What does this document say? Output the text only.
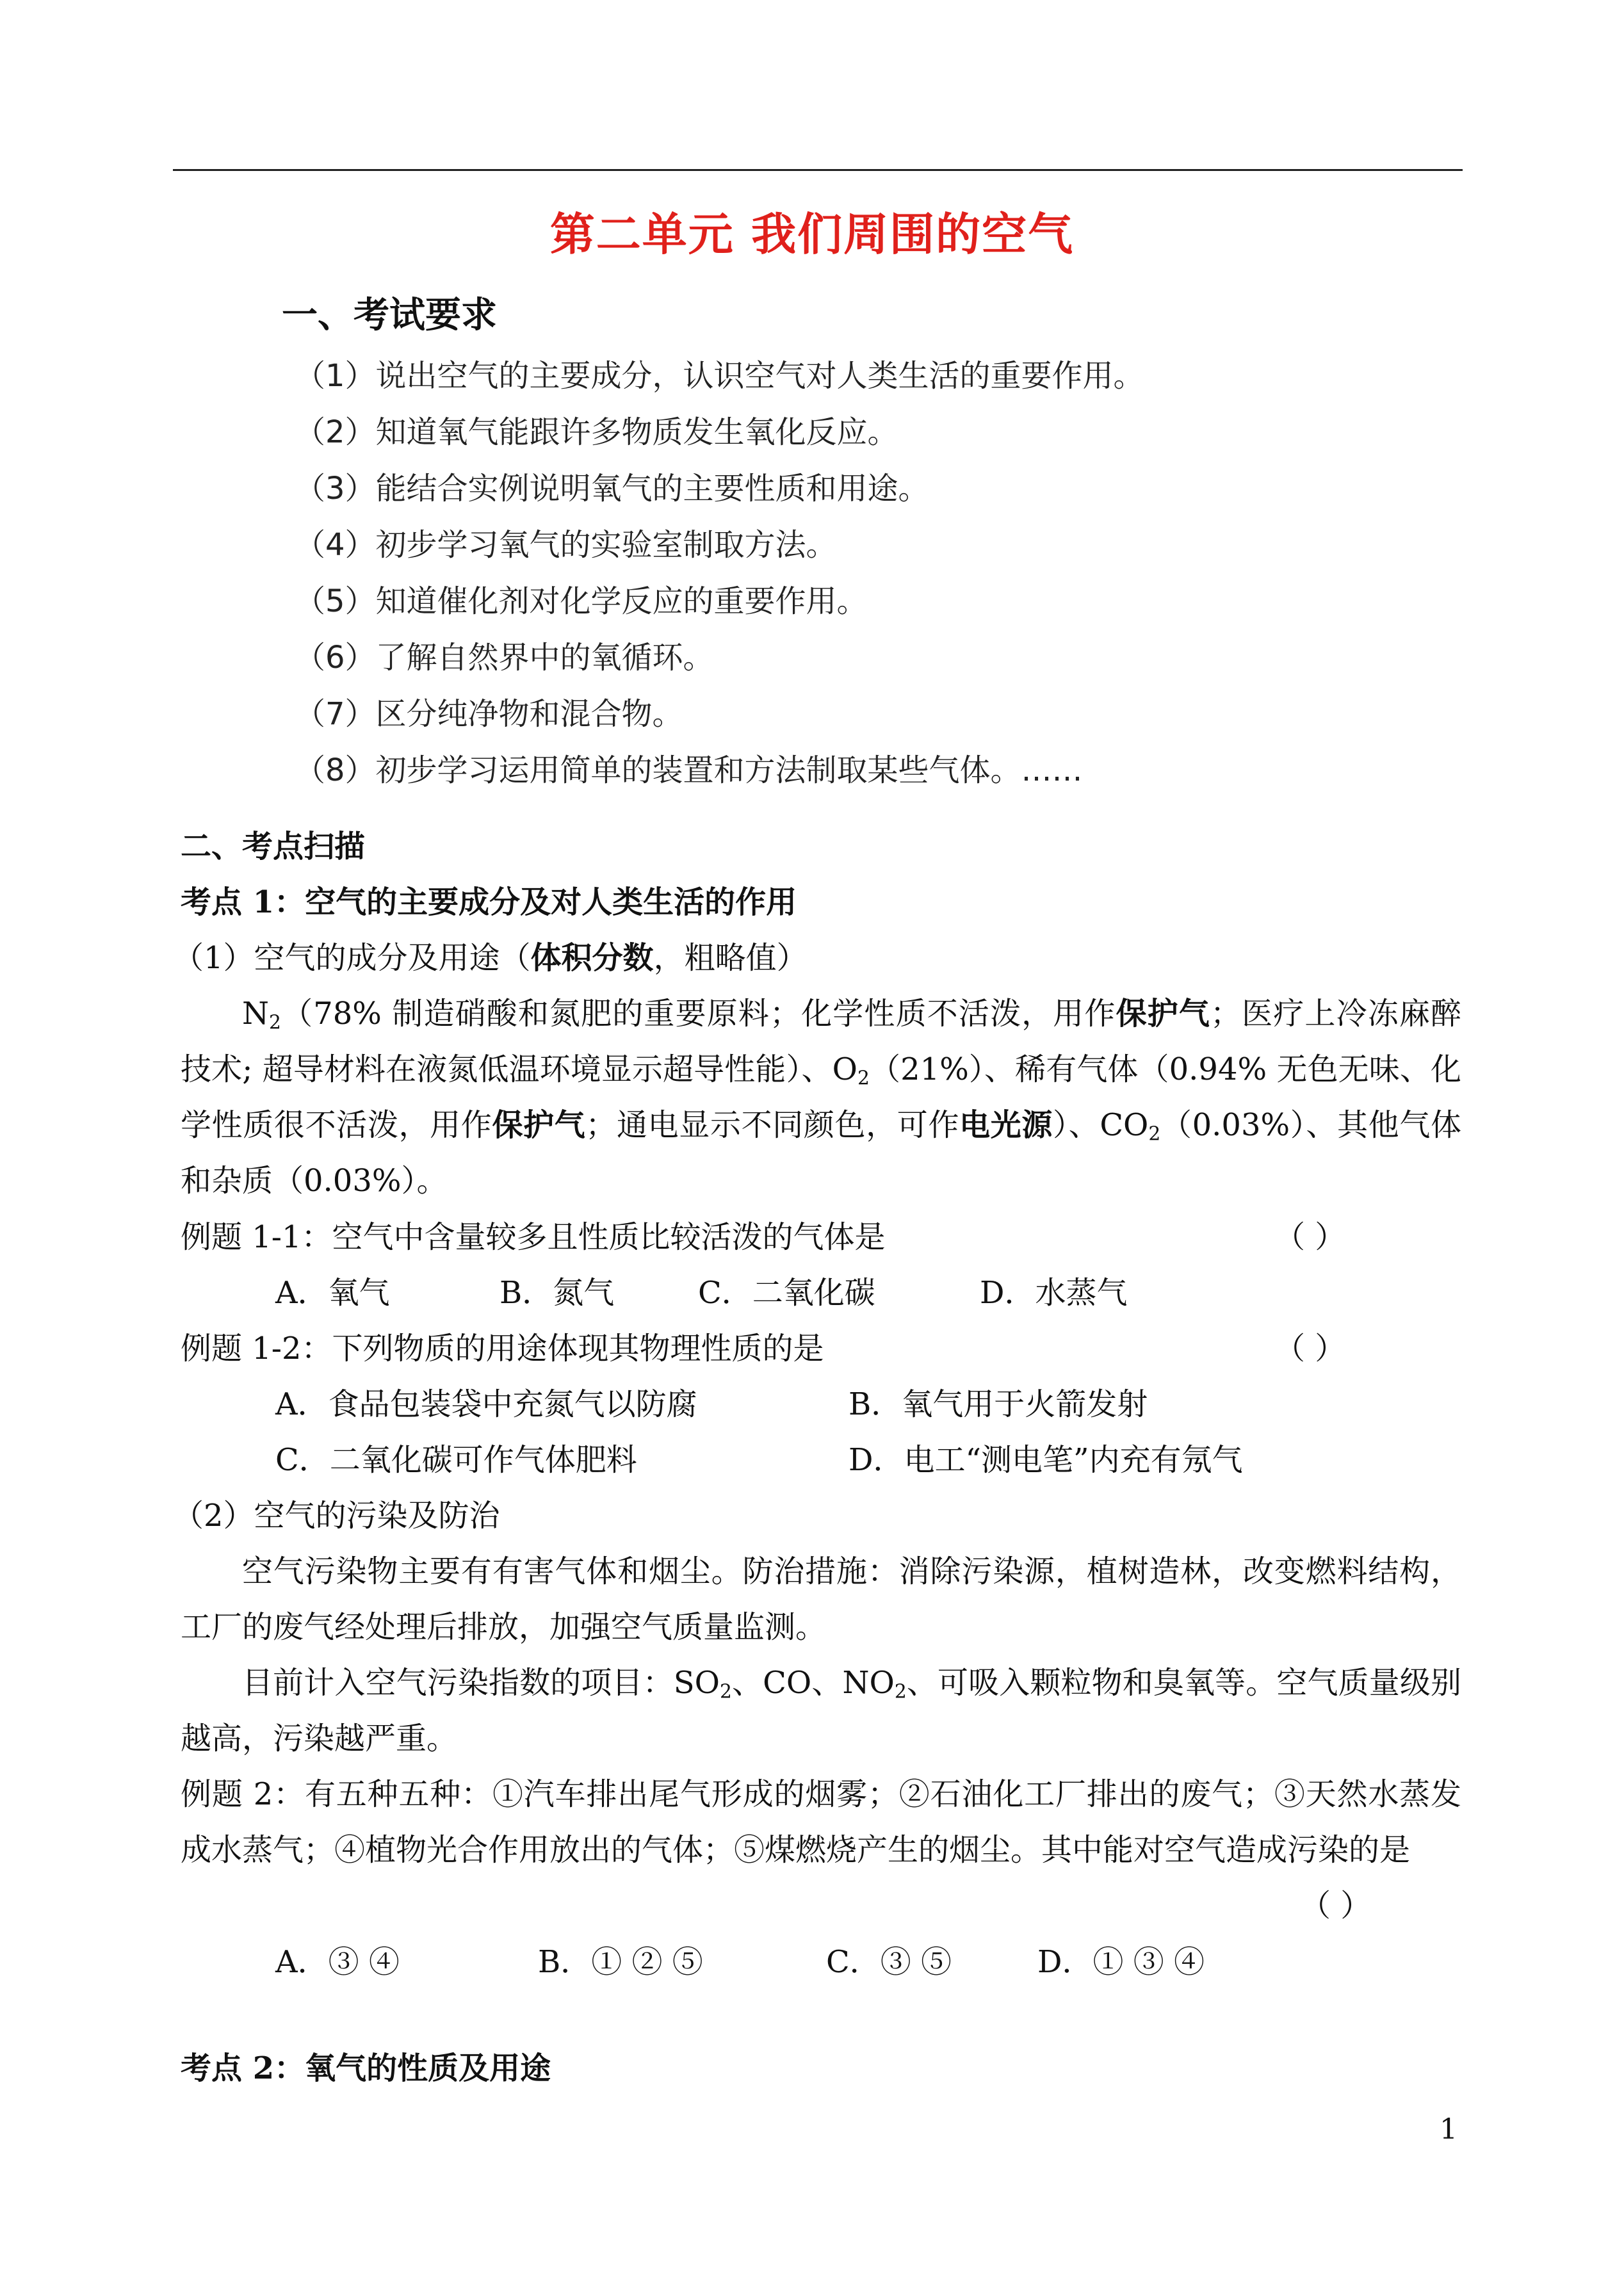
第二单元 我们周围的空气
一、考试要求
（1）说出空气的主要成分，认识空气对人类生活的重要作用。
（2）知道氧气能跟许多物质发生氧化反应。
（3）能结合实例说明氧气的主要性质和用途。
（4）初步学习氧气的实验室制取方法。
（5）知道催化剂对化学反应的重要作用。
（6）了解自然界中的氧循环。
（7）区分纯净物和混合物。
（8）初步学习运用简单的装置和方法制取某些气体。……
二、考点扫描
考点 1：空气的主要成分及对人类生活的作用
（1）空气的成分及用途（体积分数，粗略值）
$N_2(78\%$ 制造硝酸和氮肥的重要原料；化学性质不活泼，用作保护气；医疗上冷冻麻醉技术; 超导材料在液氮低温环境显示超导性能）、$O_2(21\%)$、稀有气体（0.94% 无色无味、化学性质很不活泼，用作保护气；通电显示不同颜色，可作电光源）、$CO_2(0.03\%)$、其他气体和杂质（0.03%）。
例题 1-1：空气中含量较多且性质比较活泼的气体是	（ ）
A．氧气	B．氮气	C．二氧化碳	D．水蒸气
例题 1-2：下列物质的用途体现其物理性质的是	（ ）
A．食品包装袋中充氮气以防腐	B．氧气用于火箭发射
C．二氧化碳可作气体肥料	D．电工“测电笔”内充有氖气
（2）空气的污染及防治
空气污染物主要有有害气体和烟尘。防治措施：消除污染源，植树造林，改变燃料结构，工厂的废气经处理后排放，加强空气质量监测。
目前计入空气污染指数的项目：$SO_2$、CO、$NO_2$、可吸入颗粒物和臭氧等。空气质量级别越高，污染越严重。
例题 2：有五种五种：①汽车排出尾气形成的烟雾；②石油化工厂排出的废气；③天然水蒸发成水蒸气；④植物光合作用放出的气体；⑤煤燃烧产生的烟尘。其中能对空气造成污染的是
（ ）
A．③ ④	B．① ② ⑤	C．③ ⑤	D．① ③ ④
考点 2：氧气的性质及用途
1
